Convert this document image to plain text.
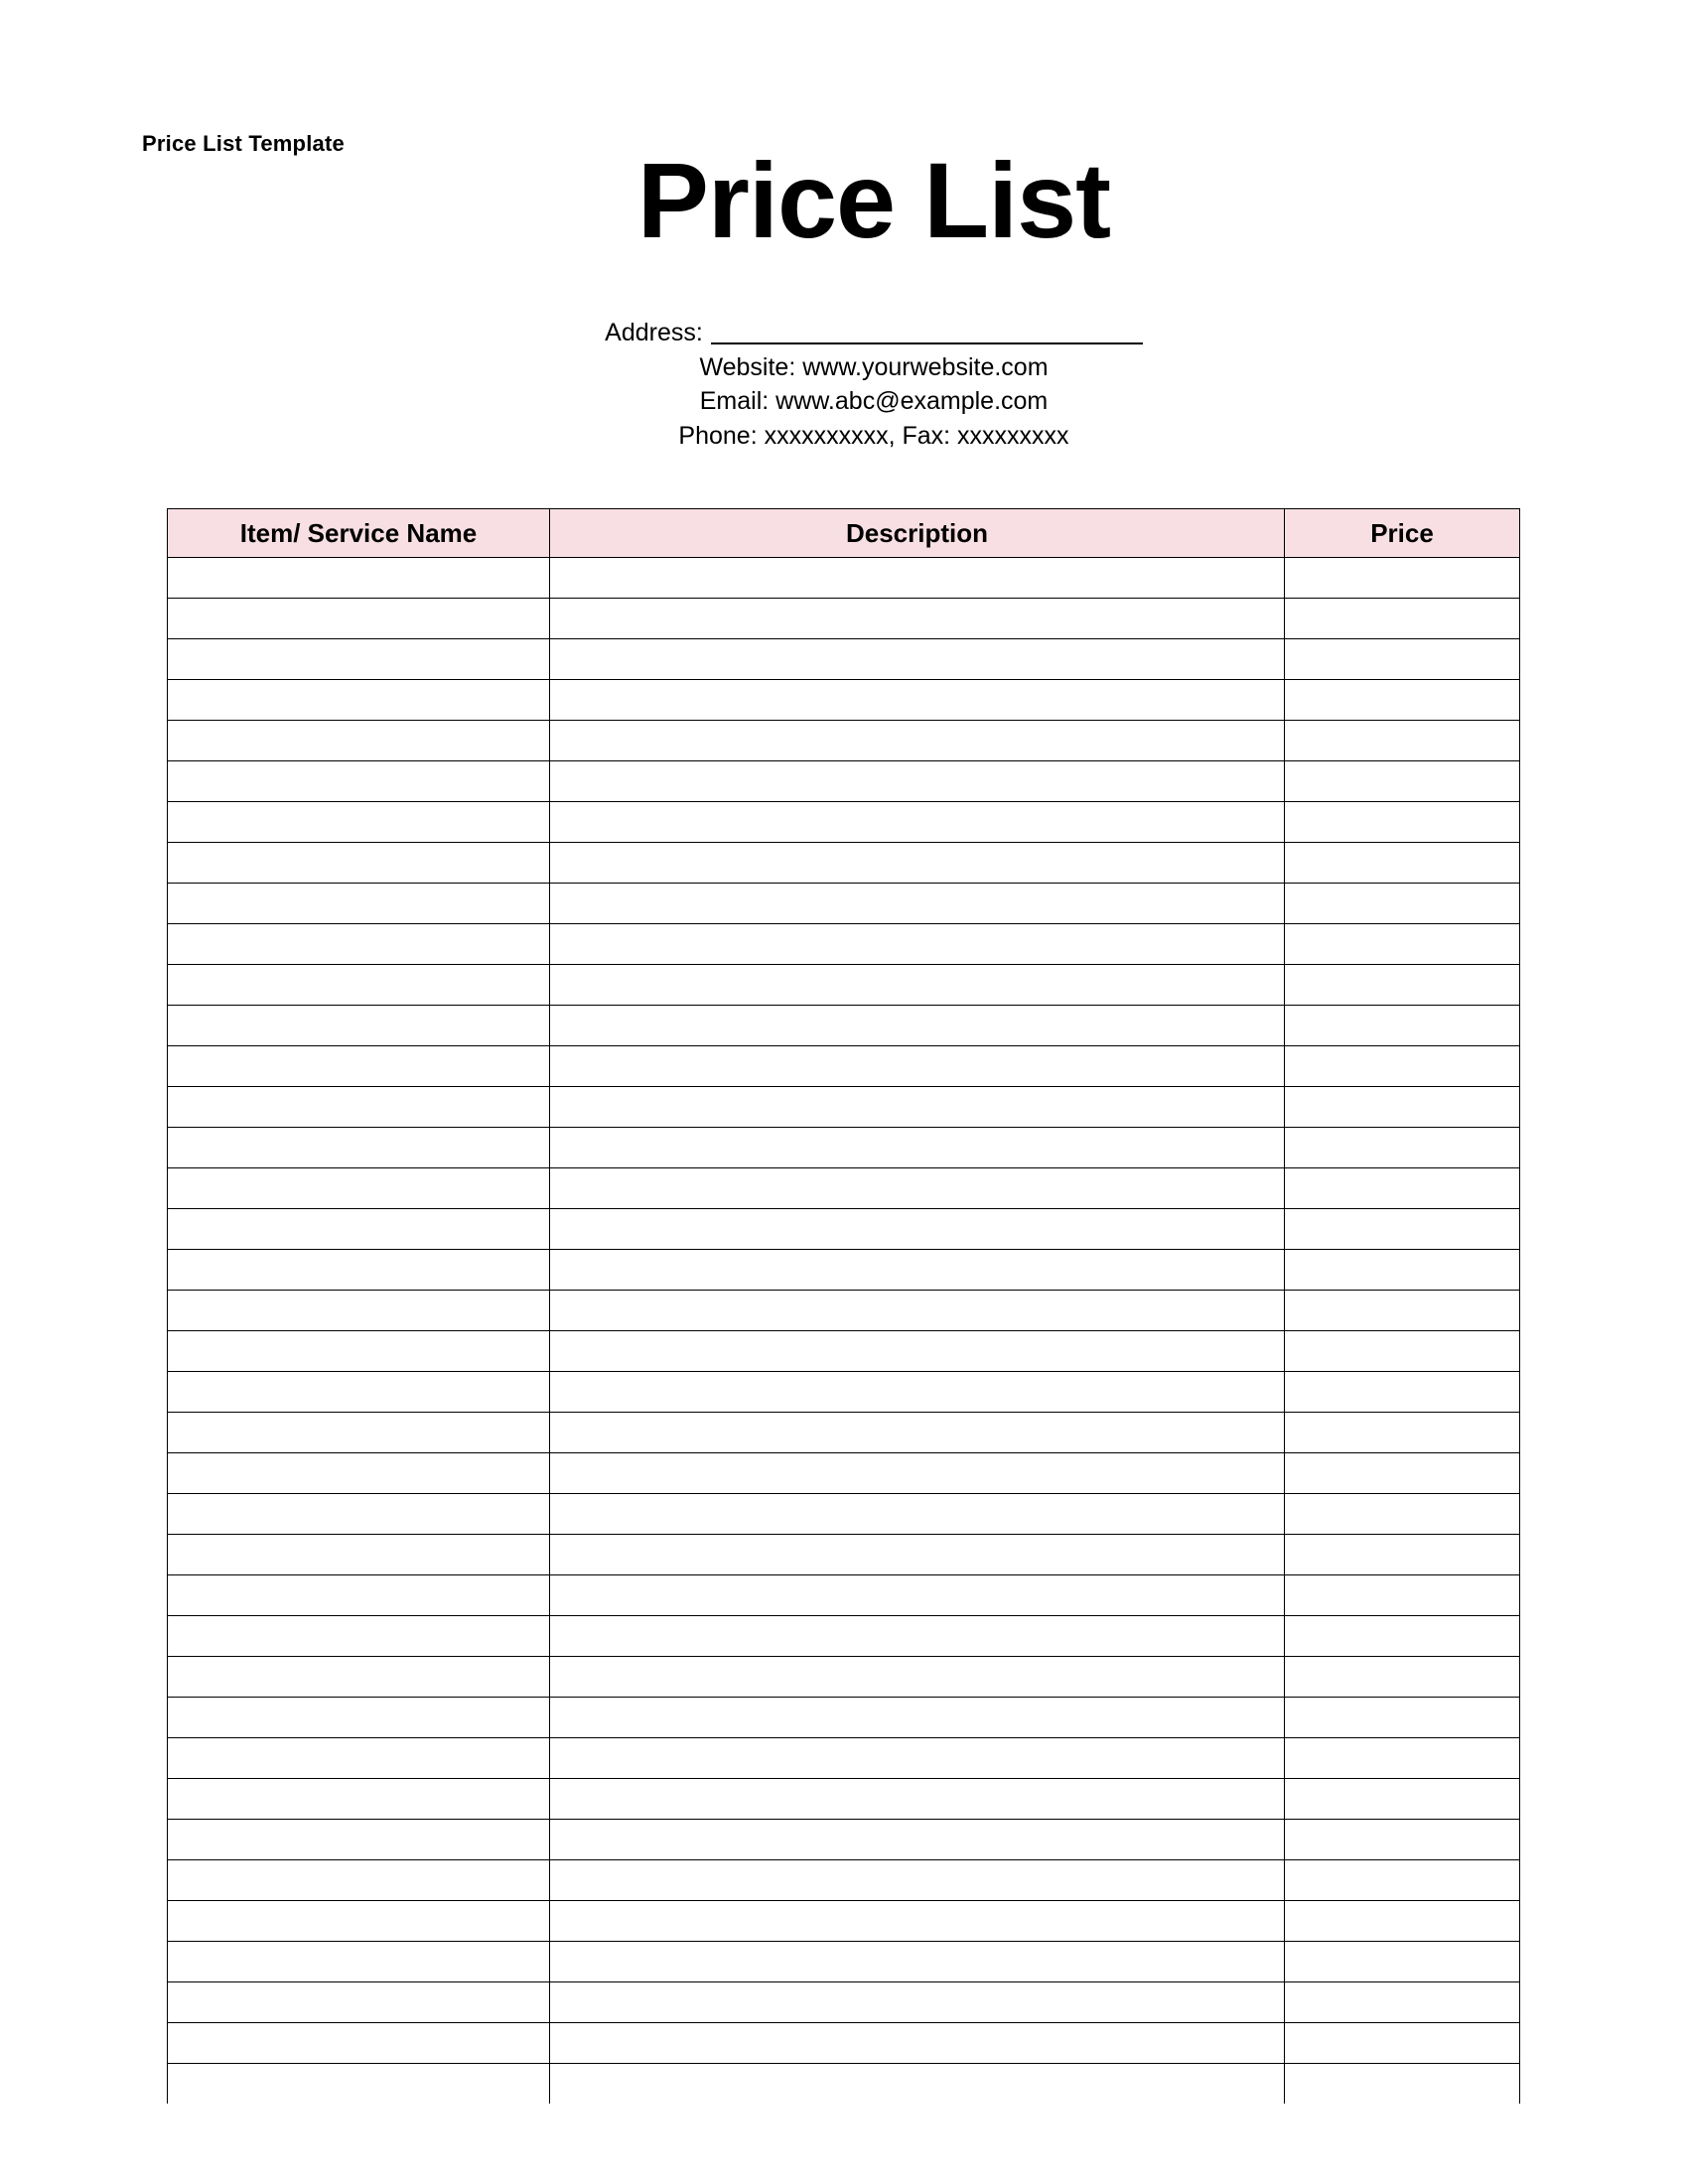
Price List Template	Price List
Address:
Website: www.yourwebsite.com
Email: www.abc@example.com
Phone: xxxxxxxxxx, Fax: xxxxxxxxx
Item/ Service Name	Description	Price
